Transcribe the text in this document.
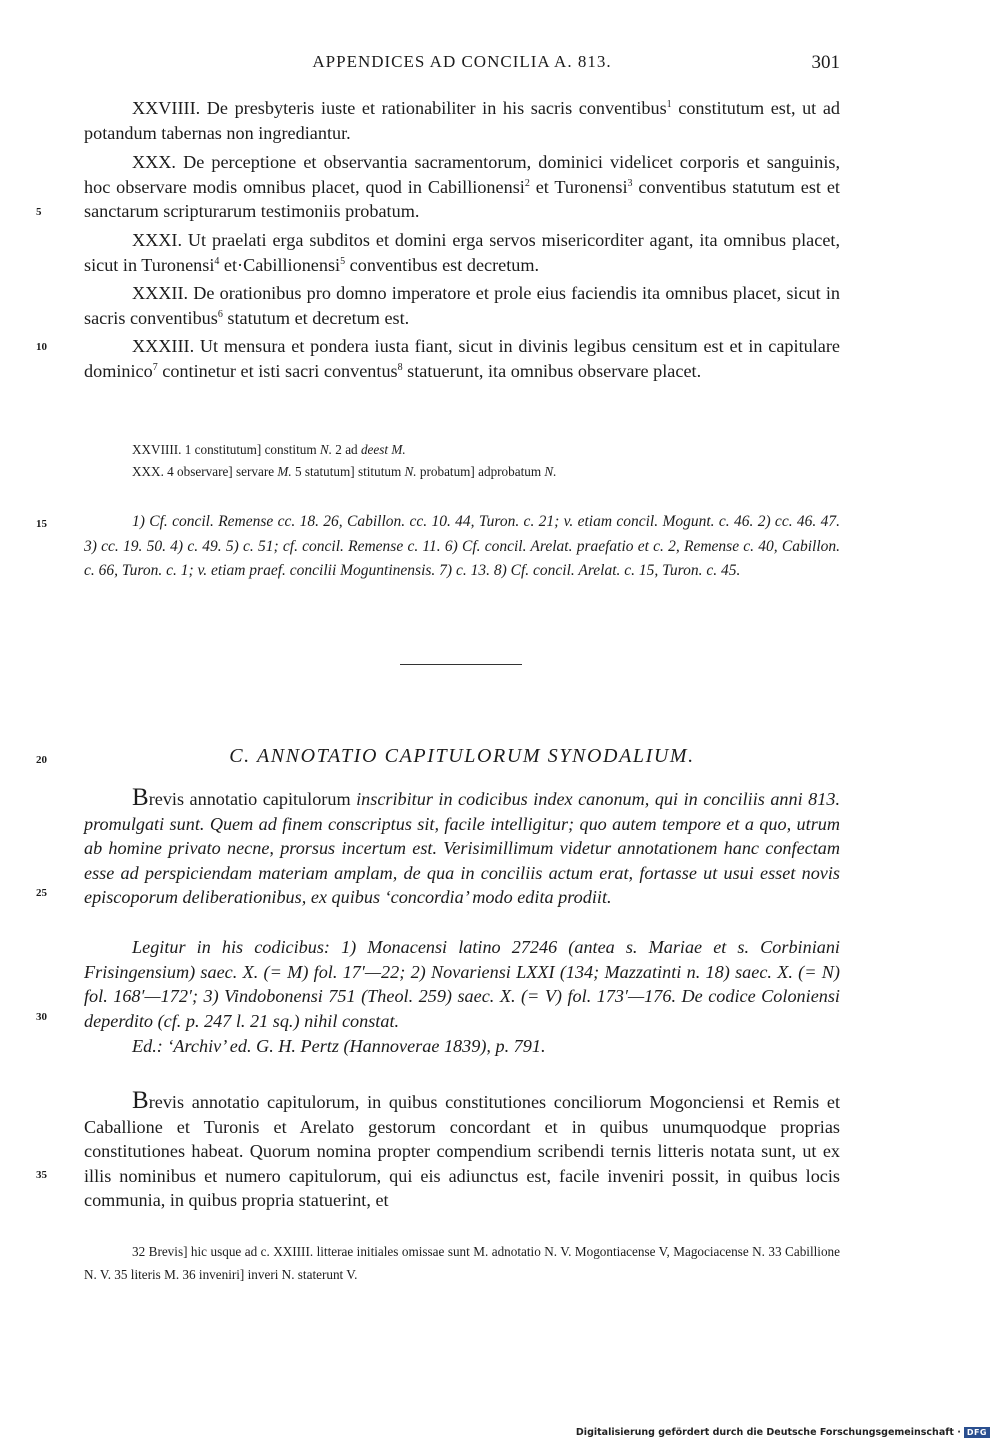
APPENDICES AD CONCILIA A. 813.	301
5
10
15
20
25
30
35

XXVIIII. De presbyteris iuste et rationabiliter in his sacris conventibus$^1$ constitutum est, ut ad potandum tabernas non ingrediantur.

XXX. De perceptione et observantia sacramentorum, dominici videlicet corporis et sanguinis, hoc observare modis omnibus placet, quod in Cabillionensi$^2$ et Turonensi$^3$ conventibus statutum est et sanctarum scripturarum testimoniis probatum.

XXXI. Ut praelati erga subditos et domini erga servos misericorditer agant, ita omnibus placet, sicut in Turonensi$^4$ et·Cabillionensi$^5$ conventibus est decretum.

XXXII. De orationibus pro domno imperatore et prole eius faciendis ita omnibus placet, sicut in sacris conventibus$^6$ statutum et decretum est.

XXXIII. Ut mensura et pondera iusta fiant, sicut in divinis legibus censitum est et in capitulare dominico$^7$ continetur et isti sacri conventus$^8$ statuerunt, ita omnibus observare placet.

XXVIIII. 1 constitutum] constitum N. 2 ad deest M.

XXX. 4 observare] servare M. 5 statutum] stitutum N. probatum] adprobatum N.

1) Cf. concil. Remense cc. 18. 26, Cabillon. cc. 10. 44, Turon. c. 21; v. etiam concil. Mogunt. c. 46. 2) cc. 46. 47. 3) cc. 19. 50. 4) c. 49. 5) c. 51; cf. concil. Remense c. 11. 6) Cf. concil. Arelat. praefatio et c. 2, Remense c. 40, Cabillon. c. 66, Turon. c. 1; v. etiam praef. concilii Moguntinensis. 7) c. 13. 8) Cf. concil. Arelat. c. 15, Turon. c. 45.

C. ANNOTATIO CAPITULORUM SYNODALIUM.

Brevis annotatio capitulorum inscribitur in codicibus index canonum, qui in conciliis anni 813. promulgati sunt. Quem ad finem conscriptus sit, facile intelligitur; quo autem tempore et a quo, utrum ab homine privato necne, prorsus incertum est. Verisimillimum videtur annotationem hanc confectam esse ad perspiciendam materiam amplam, de qua in conciliis actum erat, fortasse ut usui esset novis episcoporum deliberationibus, ex quibus ‘concordia’ modo edita prodiit.

Legitur in his codicibus: 1) Monacensi latino 27246 (antea s. Mariae et s. Corbiniani Frisingensium) saec. X. (= M) fol. 17′—22; 2) Novariensi LXXI (134; Mazzatinti n. 18) saec. X. (= N) fol. 168′—172′; 3) Vindobonensi 751 (Theol. 259) saec. X. (= V) fol. 173′—176. De codice Coloniensi deperdito (cf. p. 247 l. 21 sq.) nihil constat.

Ed.: ‘Archiv’ ed. G. H. Pertz (Hannoverae 1839), p. 791.

Brevis annotatio capitulorum, in quibus constitutiones conciliorum Mogonciensi et Remis et Caballione et Turonis et Arelato gestorum concordant et in quibus unumquodque proprias constitutiones habeat. Quorum nomina propter compendium scribendi ternis litteris notata sunt, ut ex illis nominibus et numero capitulorum, qui eis adiunctus est, facile inveniri possit, in quibus locis communia, in quibus propria statuerint, et

32 Brevis] hic usque ad c. XXIIII. litterae initiales omissae sunt M. adnotatio N. V. Mogontiacense V, Magociacense N. 33 Cabillione N. V. 35 literis M. 36 inveniri] inveri N. staterunt V.

Digitalisierung gefördert durch die Deutsche Forschungsgemeinschaft · DFG
